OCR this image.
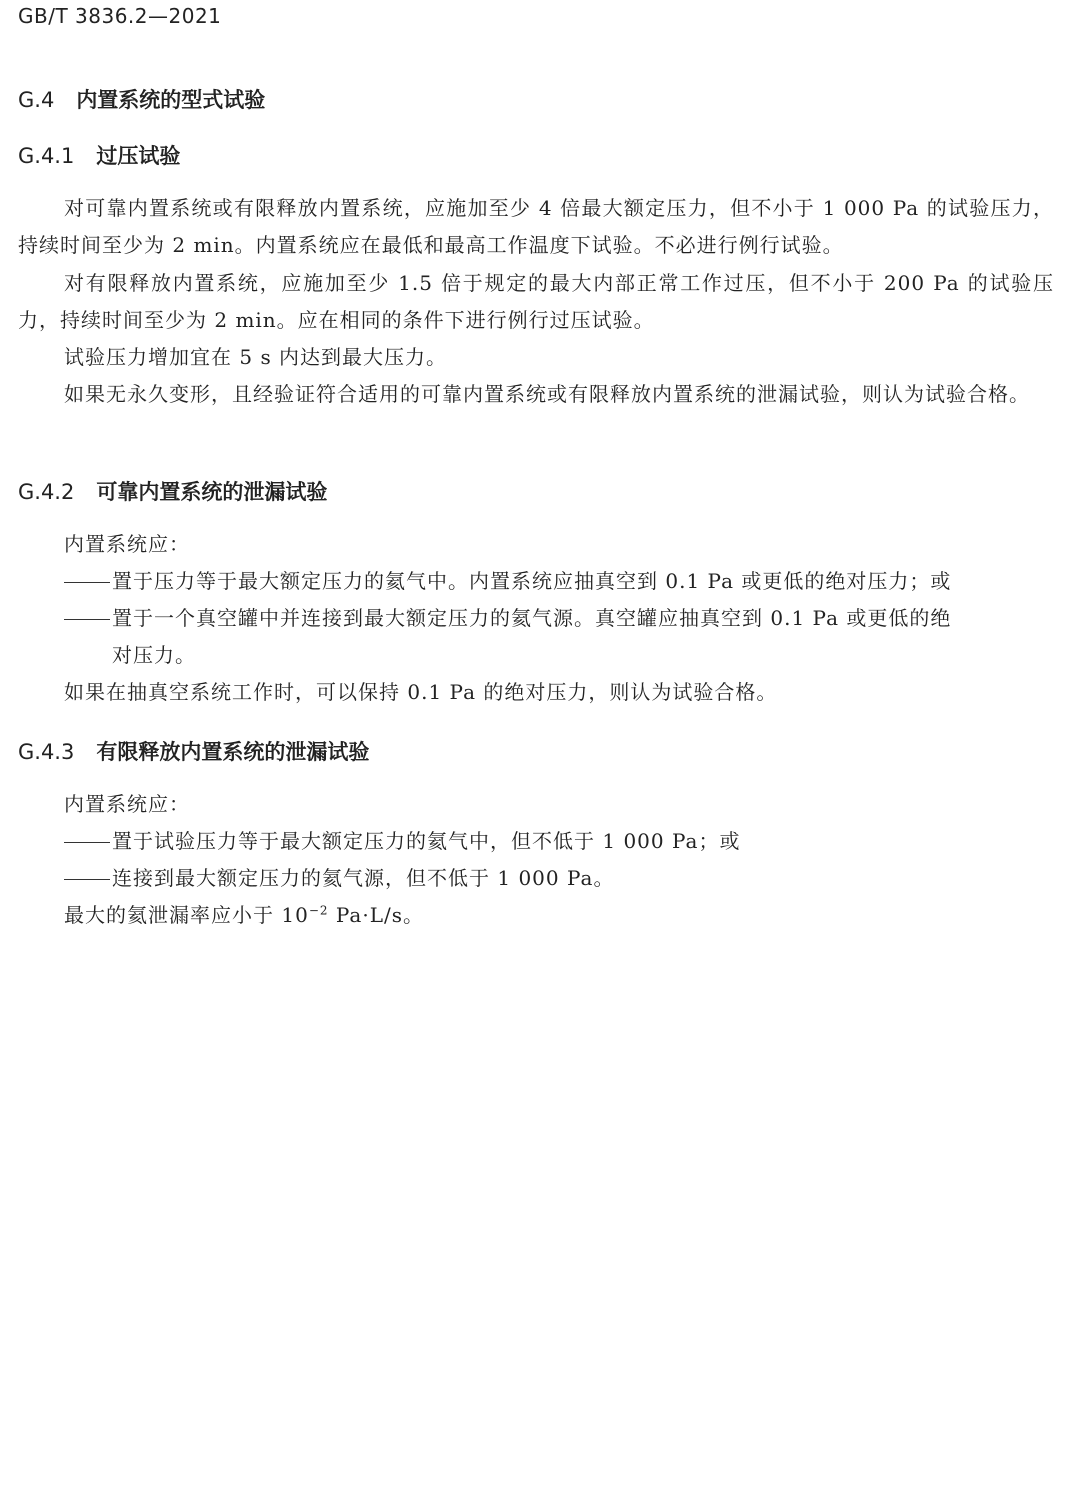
GB/T 3836.2—2021
G.4 内置系统的型式试验
G.4.1 过压试验
对可靠内置系统或有限释放内置系统，应施加至少 4 倍最大额定压力，但不小于 1 000 Pa 的试验压力，持续时间至少为 2 min。内置系统应在最低和最高工作温度下试验。不必进行例行试验。
对有限释放内置系统，应施加至少 1.5 倍于规定的最大内部正常工作过压，但不小于 200 Pa 的试验压力，持续时间至少为 2 min。应在相同的条件下进行例行过压试验。
试验压力增加宜在 5 s 内达到最大压力。
如果无永久变形，且经验证符合适用的可靠内置系统或有限释放内置系统的泄漏试验，则认为试验合格。
G.4.2 可靠内置系统的泄漏试验
内置系统应：
置于压力等于最大额定压力的氦气中。内置系统应抽真空到 0.1 Pa 或更低的绝对压力；或
置于一个真空罐中并连接到最大额定压力的氦气源。真空罐应抽真空到 0.1 Pa 或更低的绝
对压力。
如果在抽真空系统工作时，可以保持 0.1 Pa 的绝对压力，则认为试验合格。
G.4.3 有限释放内置系统的泄漏试验
内置系统应：
置于试验压力等于最大额定压力的氦气中，但不低于 1 000 Pa；或
连接到最大额定压力的氦气源，但不低于 1 000 Pa。
最大的氦泄漏率应小于 $10^{-2}$ Pa·L/s。
